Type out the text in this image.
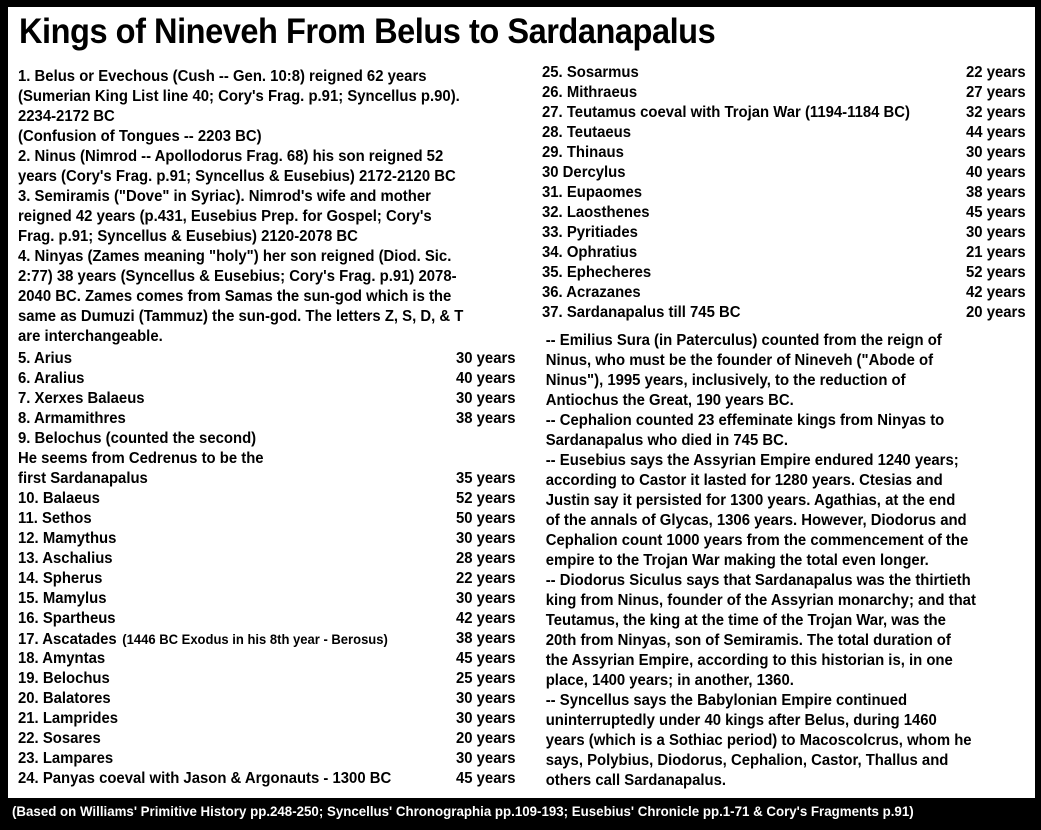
Kings of Nineveh From Belus to Sardanapalus
1. Belus or Evechous (Cush -- Gen. 10:8) reigned 62 years
(Sumerian King List line 40; Cory's Frag. p.91; Syncellus p.90).
2234-2172 BC
(Confusion of Tongues -- 2203 BC)
2. Ninus (Nimrod -- Apollodorus Frag. 68) his son reigned 52
years (Cory's Frag. p.91; Syncellus & Eusebius) 2172-2120 BC
3. Semiramis ("Dove" in Syriac). Nimrod's wife and mother
reigned 42 years (p.431, Eusebius Prep. for Gospel; Cory's
Frag. p.91; Syncellus & Eusebius) 2120-2078 BC
4. Ninyas (Zames meaning "holy") her son reigned (Diod. Sic.
2:77) 38 years (Syncellus & Eusebius; Cory's Frag. p.91) 2078-
2040 BC. Zames comes from Samas the sun-god which is the
same as Dumuzi (Tammuz) the sun-god. The letters Z, S, D, & T
are interchangeable.
5. Arius	30 years
6. Aralius	40 years
7. Xerxes Balaeus	30 years
8. Armamithres	38 years
9. Belochus (counted the second)
He seems from Cedrenus to be the
first Sardanapalus	35 years
10. Balaeus	52 years
11. Sethos	50 years
12. Mamythus	30 years
13. Aschalius	28 years
14. Spherus	22 years
15. Mamylus	30 years
16. Spartheus	42 years
17. Ascatades (1446 BC Exodus in his 8th year - Berosus)	38 years
18. Amyntas	45 years
19. Belochus	25 years
20. Balatores	30 years
21. Lamprides	30 years
22. Sosares	20 years
23. Lampares	30 years
24. Panyas coeval with Jason & Argonauts - 1300 BC	45 years
25. Sosarmus	22 years
26. Mithraeus	27 years
27. Teutamus coeval with Trojan War (1194-1184 BC)	32 years
28. Teutaeus	44 years
29. Thinaus	30 years
30 Dercylus	40 years
31. Eupaomes	38 years
32. Laosthenes	45 years
33. Pyritiades	30 years
34. Ophratius	21 years
35. Ephecheres	52 years
36. Acrazanes	42 years
37. Sardanapalus till 745 BC	20 years
-- Emilius Sura (in Paterculus) counted from the reign of
Ninus, who must be the founder of Nineveh ("Abode of
Ninus"), 1995 years, inclusively, to the reduction of
Antiochus the Great, 190 years BC.
-- Cephalion counted 23 effeminate kings from Ninyas to
Sardanapalus who died in 745 BC.
-- Eusebius says the Assyrian Empire endured 1240 years;
according to Castor it lasted for 1280 years. Ctesias and
Justin say it persisted for 1300 years. Agathias, at the end
of the annals of Glycas, 1306 years. However, Diodorus and
Cephalion count 1000 years from the commencement of the
empire to the Trojan War making the total even longer.
-- Diodorus Siculus says that Sardanapalus was the thirtieth
king from Ninus, founder of the Assyrian monarchy; and that
Teutamus, the king at the time of the Trojan War, was the
20th from Ninyas, son of Semiramis. The total duration of
the Assyrian Empire, according to this historian is, in one
place, 1400 years; in another, 1360.
-- Syncellus says the Babylonian Empire continued
uninterruptedly under 40 kings after Belus, during 1460
years (which is a Sothiac period) to Macoscolcrus, whom he
says, Polybius, Diodorus, Cephalion, Castor, Thallus and
others call Sardanapalus.
(Based on Williams' Primitive History pp.248-250; Syncellus' Chronographia pp.109-193; Eusebius' Chronicle pp.1-71 & Cory's Fragments p.91)
